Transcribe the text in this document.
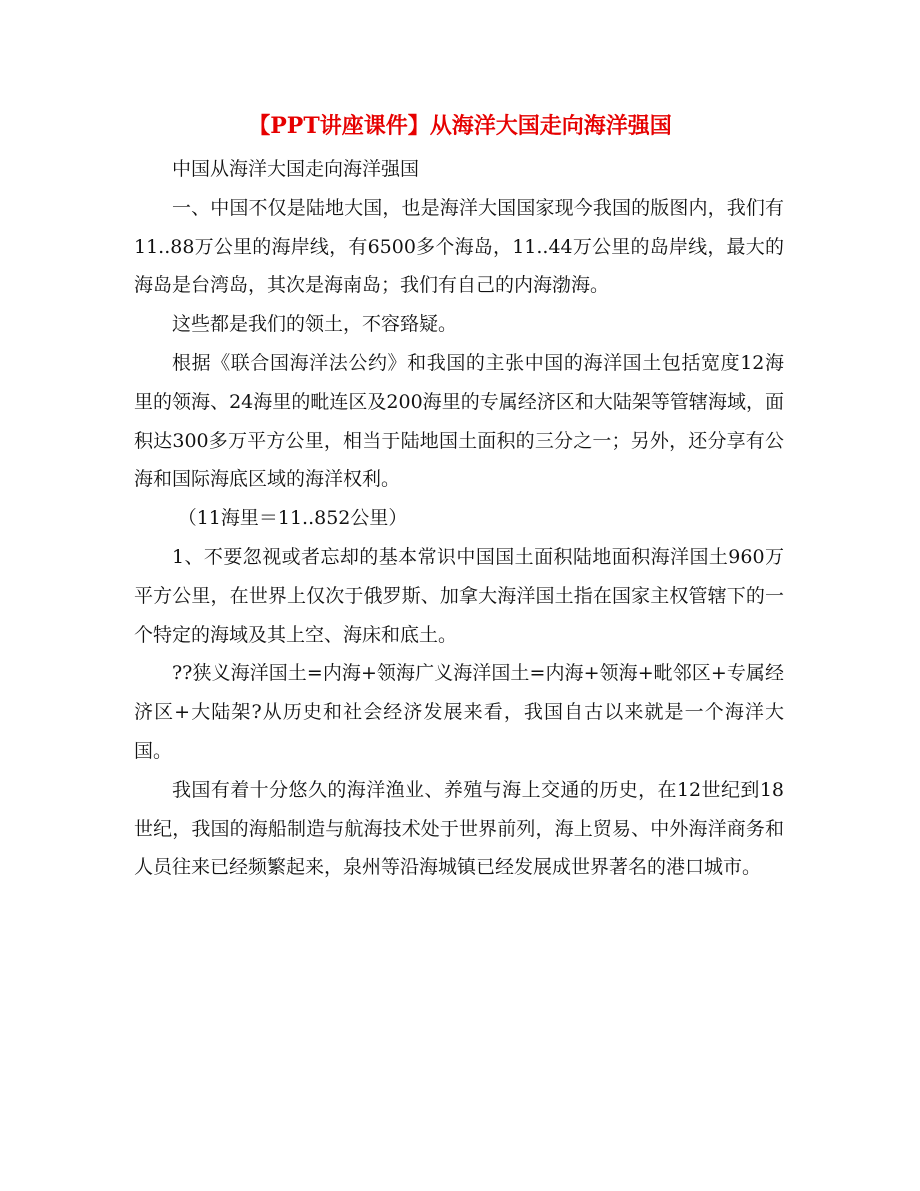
【PPT讲座课件】从海洋大国走向海洋强国

中国从海洋大国走向海洋强国

一、中国不仅是陆地大国，也是海洋大国国家现今我国的版图内，我们有11..88万公里的海岸线，有6500多个海岛，11..44万公里的岛岸线，最大的海岛是台湾岛，其次是海南岛；我们有自己的内海渤海。

这些都是我们的领土，不容臵疑。

根据《联合国海洋法公约》和我国的主张中国的海洋国土包括宽度12海里的领海、24海里的毗连区及200海里的专属经济区和大陆架等管辖海域，面积达300多万平方公里，相当于陆地国土面积的三分之一；另外，还分享有公海和国际海底区域的海洋权利。

（11海里＝11..852公里）

1、不要忽视或者忘却的基本常识中国国土面积陆地面积海洋国土960万平方公里，在世界上仅次于俄罗斯、加拿大海洋国土指在国家主权管辖下的一个特定的海域及其上空、海床和底土。

??狭义海洋国土=内海+领海广义海洋国土=内海+领海+毗邻区+专属经济区+大陆架?从历史和社会经济发展来看，我国自古以来就是一个海洋大国。

我国有着十分悠久的海洋渔业、养殖与海上交通的历史，在12世纪到18世纪，我国的海船制造与航海技术处于世界前列，海上贸易、中外海洋商务和人员往来已经频繁起来，泉州等沿海城镇已经发展成世界著名的港口城市。
